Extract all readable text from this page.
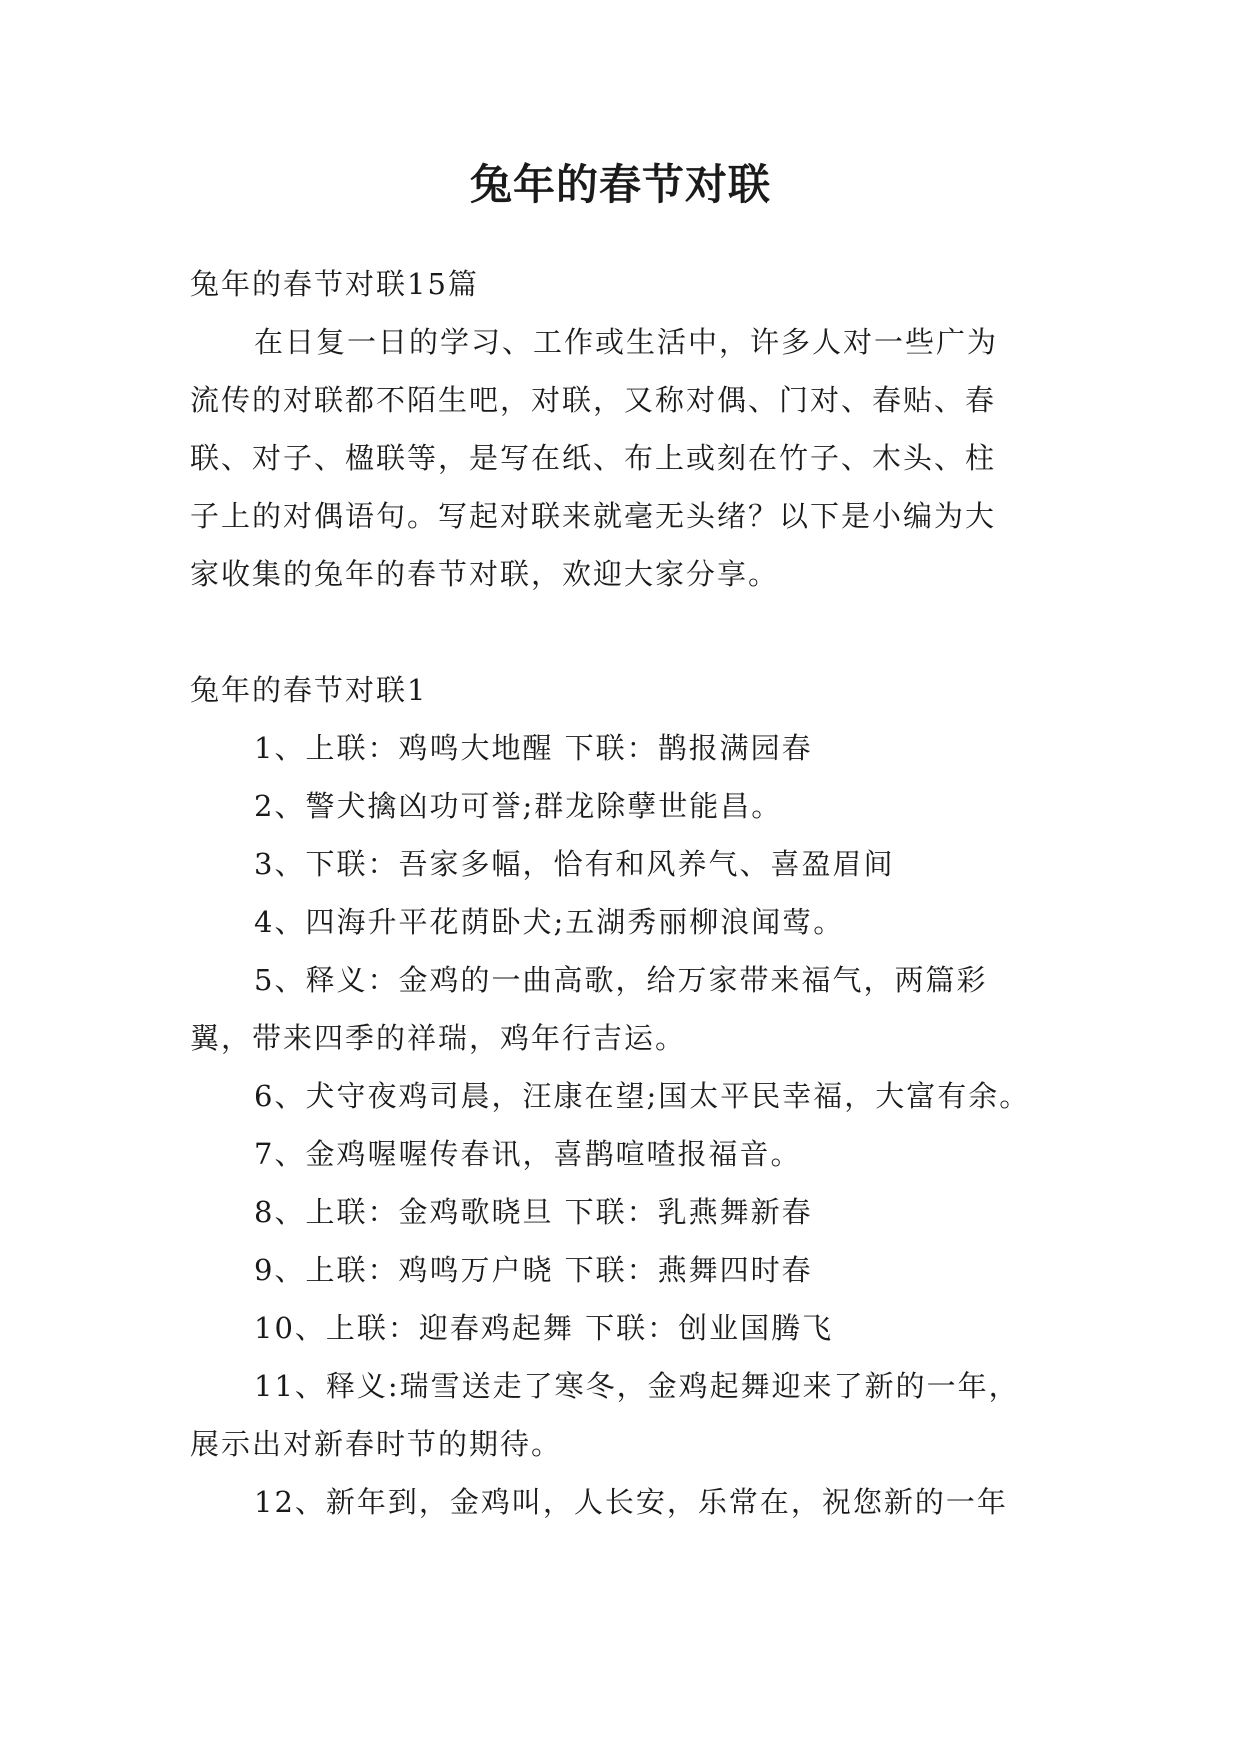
兔年的春节对联
兔年的春节对联15篇
在日复一日的学习、工作或生活中，许多人对一些广为
流传的对联都不陌生吧，对联，又称对偶、门对、春贴、春
联、对子、楹联等，是写在纸、布上或刻在竹子、木头、柱
子上的对偶语句。写起对联来就毫无头绪？以下是小编为大
家收集的兔年的春节对联，欢迎大家分享。
兔年的春节对联1
1、上联：鸡鸣大地醒 下联：鹊报满园春
2、警犬擒凶功可誉;群龙除孽世能昌。
3、下联：吾家多幅，恰有和风养气、喜盈眉间
4、四海升平花荫卧犬;五湖秀丽柳浪闻莺。
5、释义：金鸡的一曲高歌，给万家带来福气，两篇彩
翼，带来四季的祥瑞，鸡年行吉运。
6、犬守夜鸡司晨，汪康在望;国太平民幸福，大富有余。
7、金鸡喔喔传春讯，喜鹊喧喳报福音。
8、上联：金鸡歌晓旦 下联：乳燕舞新春
9、上联：鸡鸣万户晓 下联：燕舞四时春
10、上联：迎春鸡起舞 下联：创业国腾飞
11、释义:瑞雪送走了寒冬，金鸡起舞迎来了新的一年，
展示出对新春时节的期待。
12、新年到，金鸡叫，人长安，乐常在，祝您新的一年
